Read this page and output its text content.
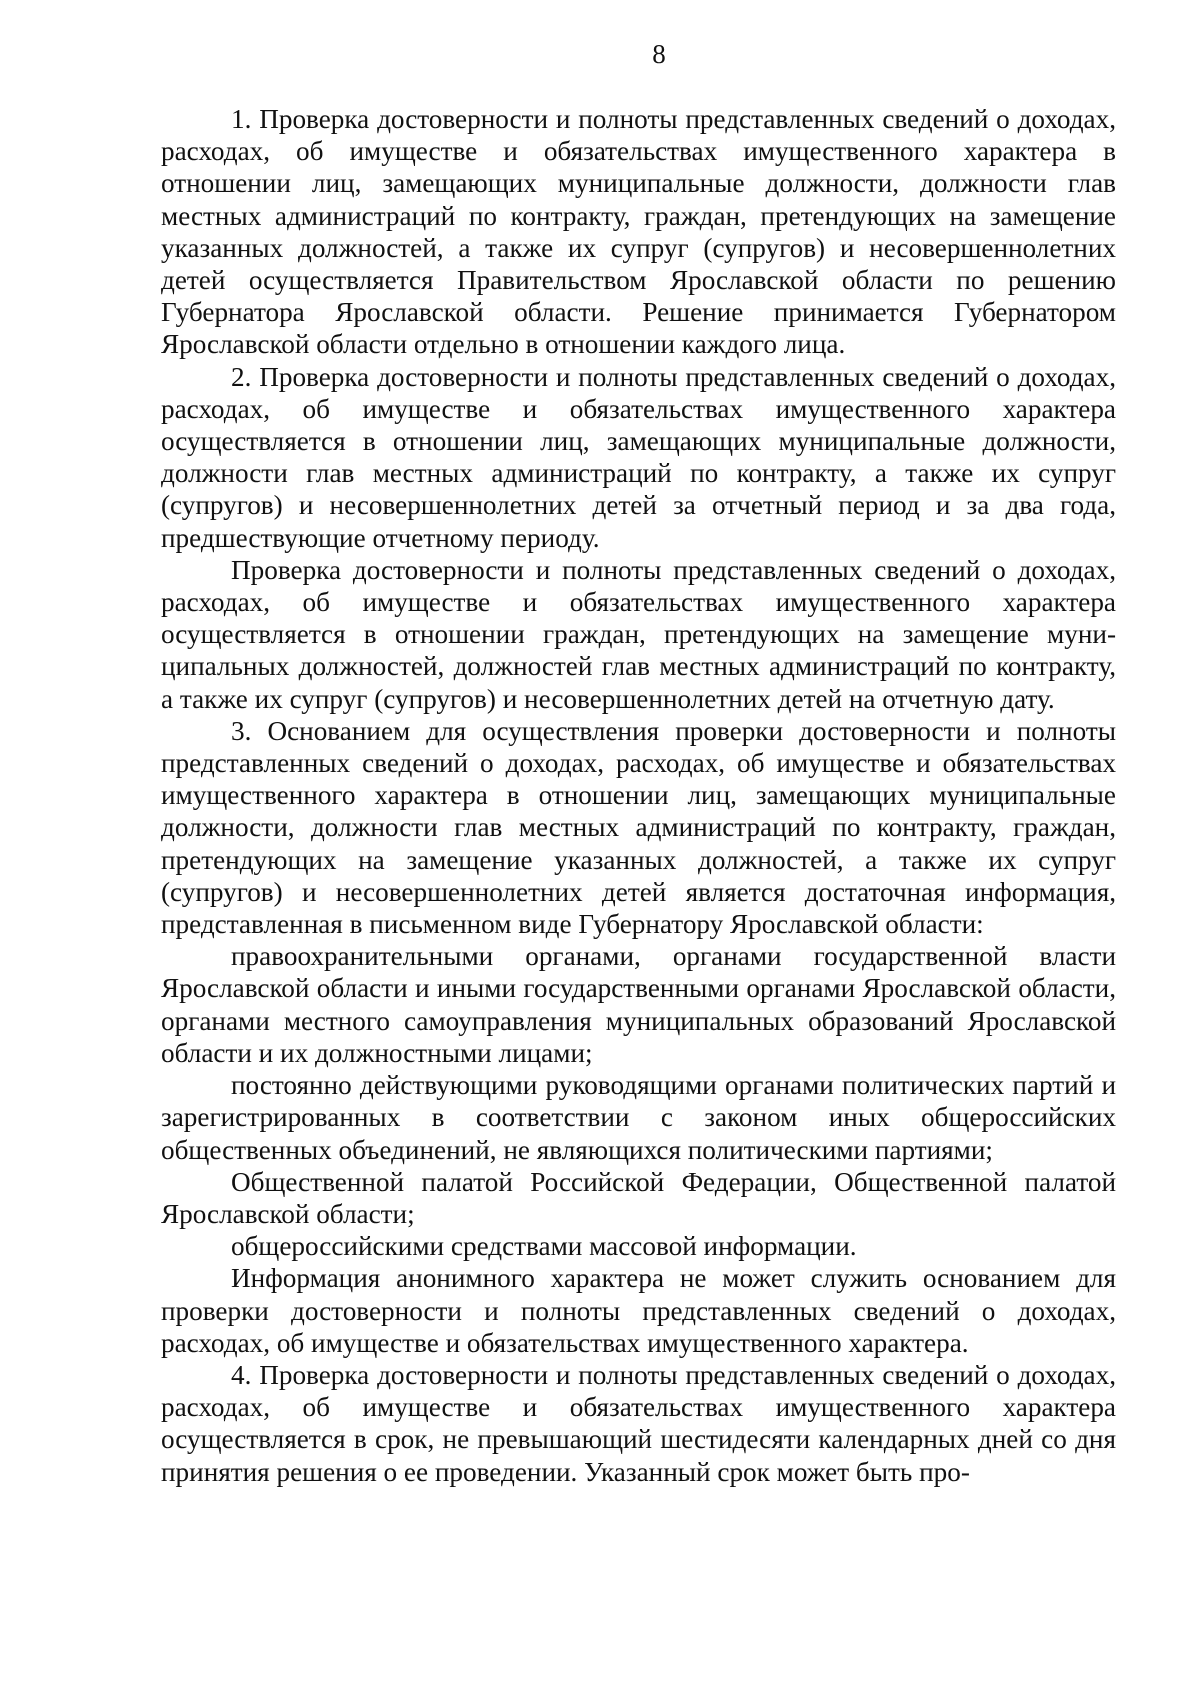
8

1. Проверка достоверности и полноты представленных сведений о доходах, расходах, об имуществе и обязательствах имущественного характера в отношении лиц, замещающих муниципальные должности, должности глав местных администраций по контракту, граждан, претендующих на замещение указанных должностей, а также их супруг (супругов) и несовершеннолетних детей осуществляется Правительством Ярославской области по решению Губернатора Ярославской области. Решение принимается Губернатором Ярославской области отдельно в отношении каждого лица.

2. Проверка достоверности и полноты представленных сведений о доходах, расходах, об имуществе и обязательствах имущественного характера осуществляется в отношении лиц, замещающих муниципальные должности, должности глав местных администраций по контракту, а также их супруг (супругов) и несовершеннолетних детей за отчетный период и за два года, предшествующие отчетному периоду.

Проверка достоверности и полноты представленных сведений о доходах, расходах, об имуществе и обязательствах имущественного характера осуществляется в отношении граждан, претендующих на замещение муниципальных должностей, должностей глав местных администраций по контракту, а также их супруг (супругов) и несовершеннолетних детей на отчетную дату.

3. Основанием для осуществления проверки достоверности и полноты представленных сведений о доходах, расходах, об имуществе и обязательствах имущественного характера в отношении лиц, замещающих муниципальные должности, должности глав местных администраций по контракту, граждан, претендующих на замещение указанных должностей, а также их супруг (супругов) и несовершеннолетних детей является достаточная информация, представленная в письменном виде Губернатору Ярославской области:

правоохранительными органами, органами государственной власти Ярославской области и иными государственными органами Ярославской области, органами местного самоуправления муниципальных образований Ярославской области и их должностными лицами;

постоянно действующими руководящими органами политических партий и зарегистрированных в соответствии с законом иных общероссийских общественных объединений, не являющихся политическими партиями;

Общественной палатой Российской Федерации, Общественной палатой Ярославской области;

общероссийскими средствами массовой информации.

Информация анонимного характера не может служить основанием для проверки достоверности и полноты представленных сведений о доходах, расходах, об имуществе и обязательствах имущественного характера.

4. Проверка достоверности и полноты представленных сведений о доходах, расходах, об имуществе и обязательствах имущественного характера осуществляется в срок, не превышающий шестидесяти календарных дней со дня принятия решения о ее проведении. Указанный срок может быть про-
